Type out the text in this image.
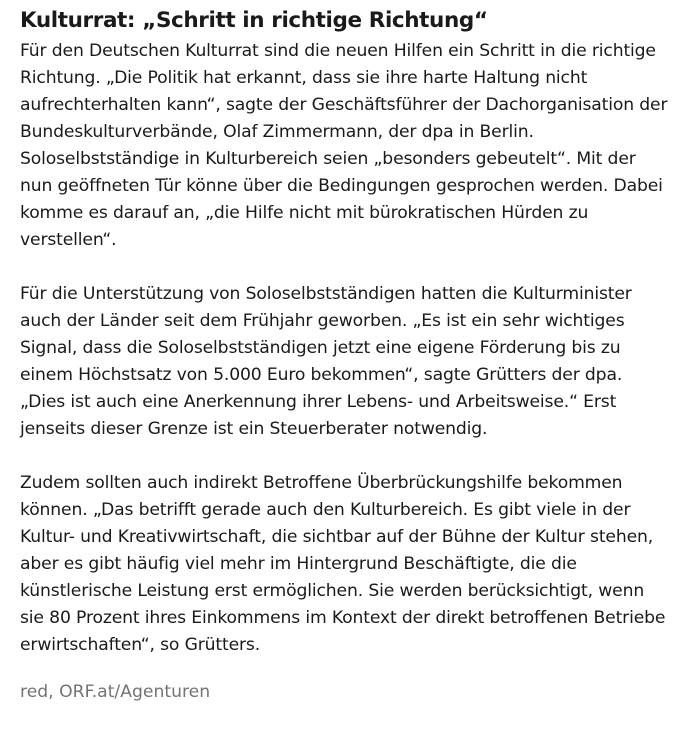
Kulturrat: „Schritt in richtige Richtung“

Für den Deutschen Kulturrat sind die neuen Hilfen ein Schritt in die richtige Richtung. „Die Politik hat erkannt, dass sie ihre harte Haltung nicht aufrechterhalten kann“, sagte der Geschäftsführer der Dachorganisation der Bundeskulturverbände, Olaf Zimmermann, der dpa in Berlin. Soloselbstständige in Kulturbereich seien „besonders gebeutelt“. Mit der nun geöffneten Tür könne über die Bedingungen gesprochen werden. Dabei komme es darauf an, „die Hilfe nicht mit bürokratischen Hürden zu verstellen“.

Für die Unterstützung von Soloselbstständigen hatten die Kulturminister auch der Länder seit dem Frühjahr geworben. „Es ist ein sehr wichtiges Signal, dass die Soloselbstständigen jetzt eine eigene Förderung bis zu einem Höchstsatz von 5.000 Euro bekommen“, sagte Grütters der dpa. „Dies ist auch eine Anerkennung ihrer Lebens- und Arbeitsweise.“ Erst jenseits dieser Grenze ist ein Steuerberater notwendig.

Zudem sollten auch indirekt Betroffene Überbrückungshilfe bekommen können. „Das betrifft gerade auch den Kulturbereich. Es gibt viele in der Kultur- und Kreativwirtschaft, die sichtbar auf der Bühne der Kultur stehen, aber es gibt häufig viel mehr im Hintergrund Beschäftigte, die die künstlerische Leistung erst ermöglichen. Sie werden berücksichtigt, wenn sie 80 Prozent ihres Einkommens im Kontext der direkt betroffenen Betriebe erwirtschaften“, so Grütters.

red, ORF.at/Agenturen
